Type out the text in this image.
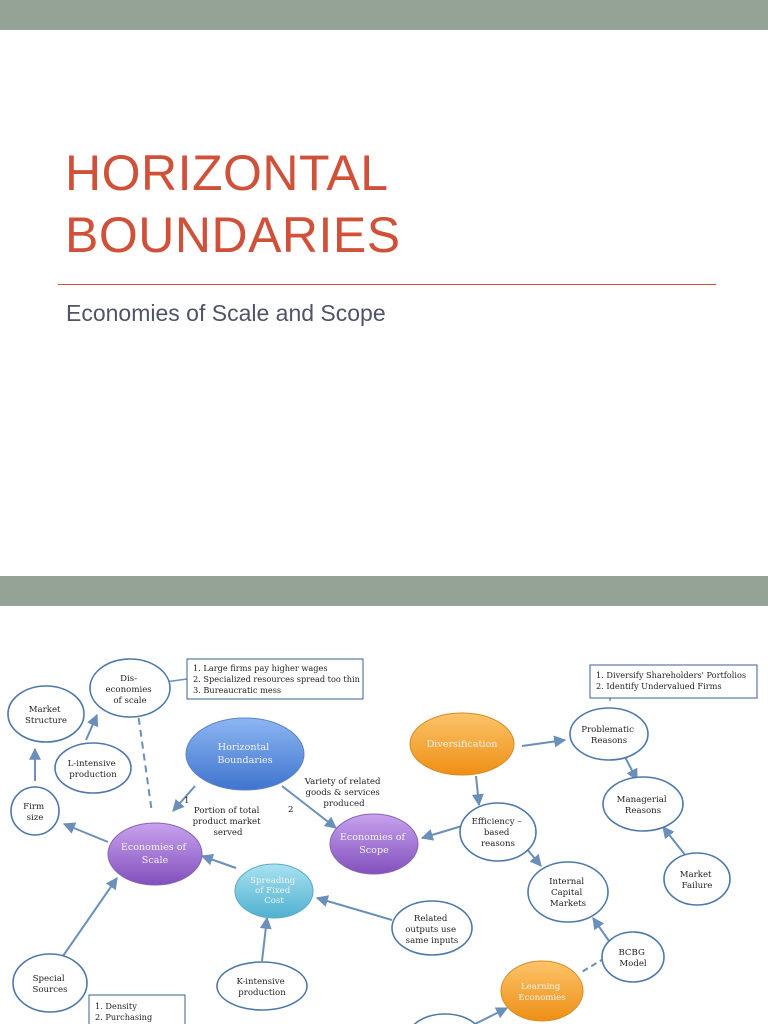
HORIZONTAL
BOUNDARIES
Economies of Scale and Scope
Horizontal Boundaries
Economies of Scale
Economies of Scope
Spreading of Fixed Cost
Diversification
Learning Economies
Market Structure
Dis- economies of scale
L-intensive production
Firm size
Special Sources
K-intensive production
Related outputs use same inputs
Efficiency – based reasons
Internal Capital Markets
BCBG Model
Problematic Reasons
Managerial Reasons
Market Failure
1
2
Portion of total product market served
Variety of related goods & services produced
1. Large firms pay higher wages 2. Specialized resources spread too thin 3. Bureaucratic mess
1. Diversify Shareholders' Portfolios 2. Identify Undervalued Firms
1. Density 2. Purchasing
